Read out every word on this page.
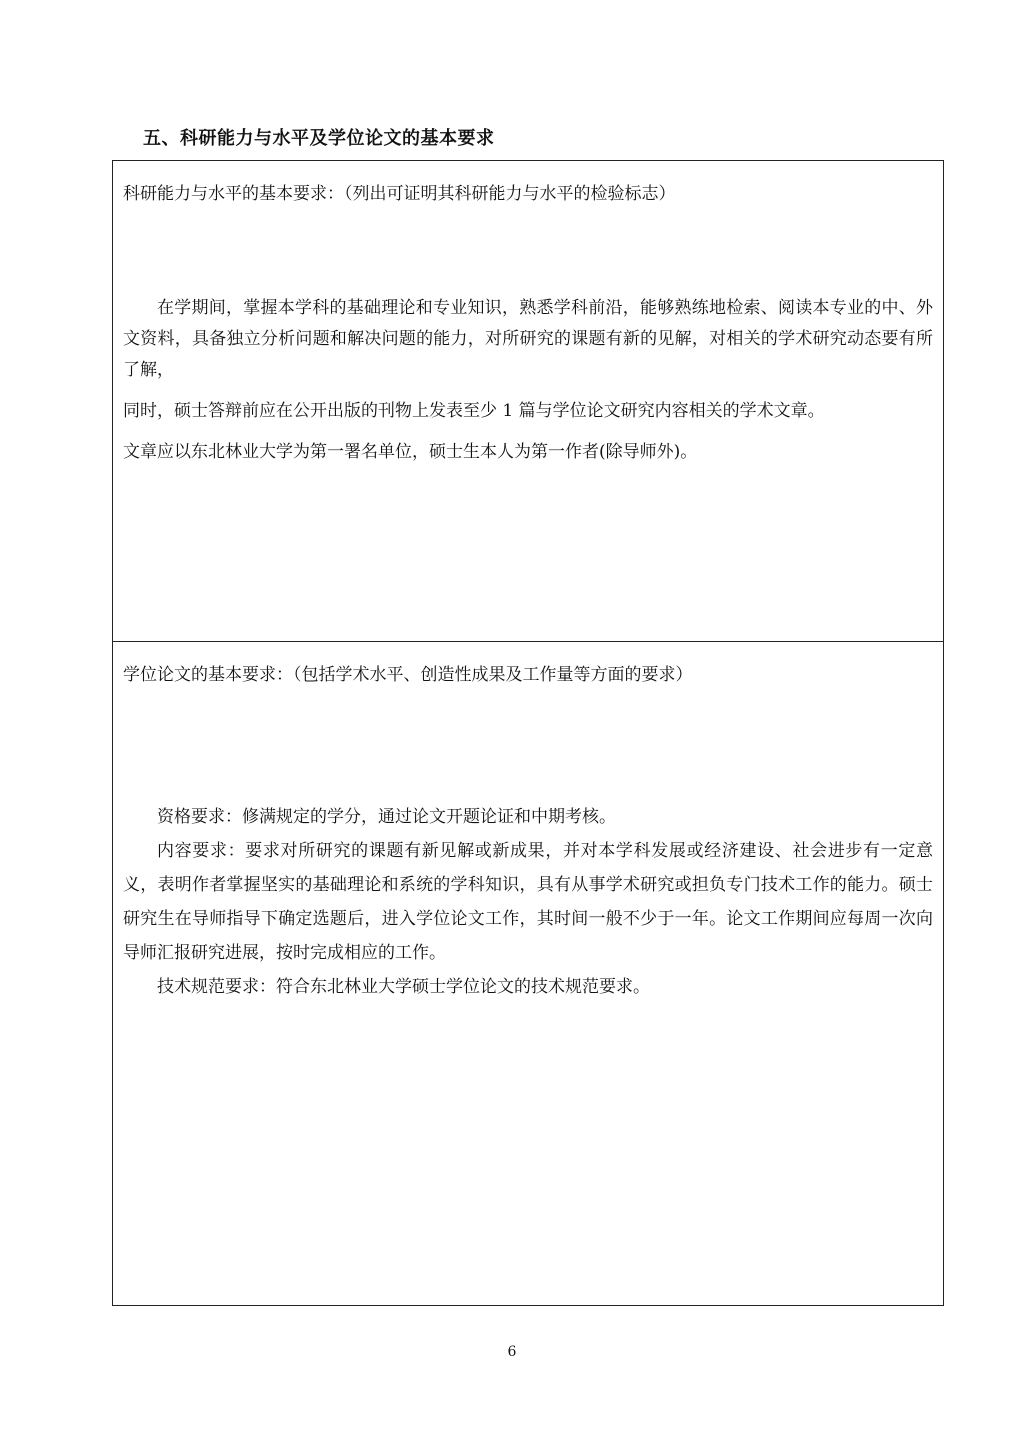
五、科研能力与水平及学位论文的基本要求

科研能力与水平的基本要求：（列出可证明其科研能力与水平的检验标志）

在学期间，掌握本学科的基础理论和专业知识，熟悉学科前沿，能够熟练地检索、阅读本专业的中、外文资料，具备独立分析问题和解决问题的能力，对所研究的课题有新的见解，对相关的学术研究动态要有所了解，

同时，硕士答辩前应在公开出版的刊物上发表至少 1 篇与学位论文研究内容相关的学术文章。

文章应以东北林业大学为第一署名单位，硕士生本人为第一作者(除导师外)。

学位论文的基本要求：（包括学术水平、创造性成果及工作量等方面的要求）

资格要求：修满规定的学分，通过论文开题论证和中期考核。

内容要求：要求对所研究的课题有新见解或新成果，并对本学科发展或经济建设、社会进步有一定意义，表明作者掌握坚实的基础理论和系统的学科知识，具有从事学术研究或担负专门技术工作的能力。硕士研究生在导师指导下确定选题后，进入学位论文工作，其时间一般不少于一年。论文工作期间应每周一次向导师汇报研究进展，按时完成相应的工作。

技术规范要求：符合东北林业大学硕士学位论文的技术规范要求。

6
